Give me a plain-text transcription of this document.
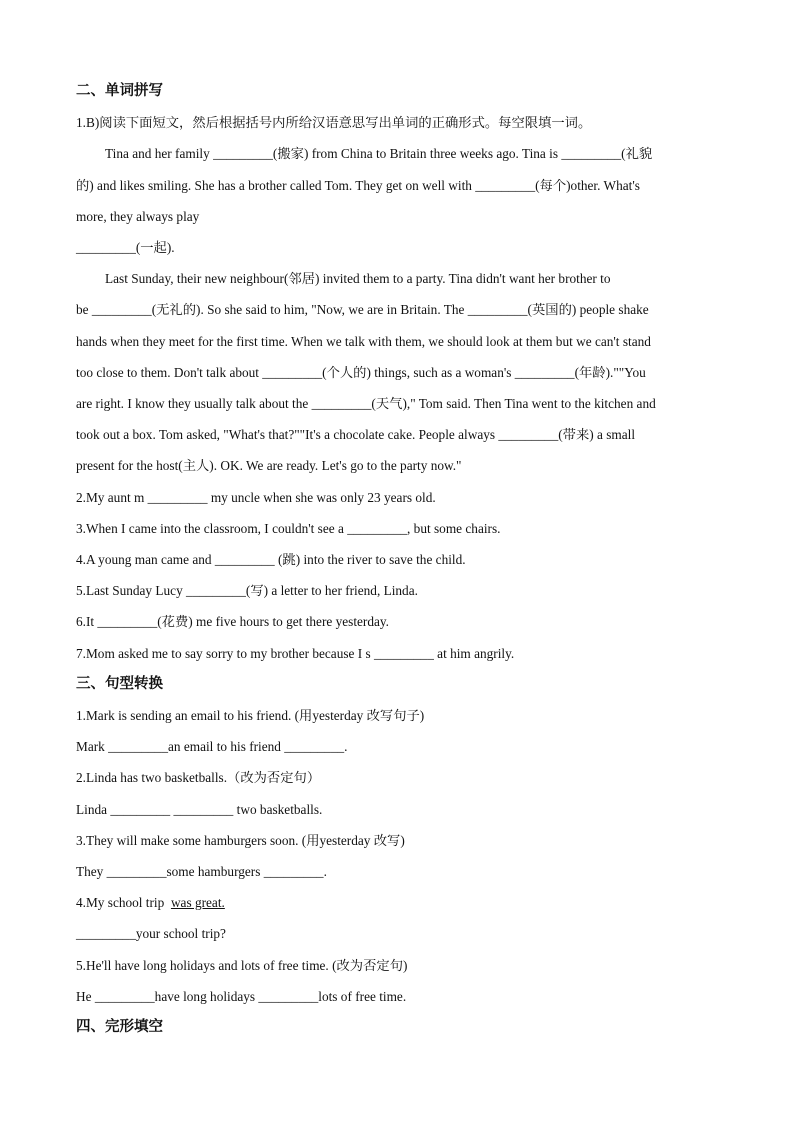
二、单词拼写
1.B)阅读下面短文，然后根据括号内所给汉语意思写出单词的正确形式。每空限填一词。
Tina and her family _________(搬家) from China to Britain three weeks ago. Tina is _________(礼貌
的) and likes smiling. She has a brother called Tom. They get on well with _________(每个)other. What's
more, they always play
_________(一起).
Last Sunday, their new neighbour(邻居) invited them to a party. Tina didn't want her brother to
be _________(无礼的). So she said to him, "Now, we are in Britain. The _________(英国的) people shake
hands when they meet for the first time. When we talk with them, we should look at them but we can't stand
too close to them. Don't talk about _________(个人的) things, such as a woman's _________(年龄).""You
are right. I know they usually talk about the _________(天气)," Tom said. Then Tina went to the kitchen and
took out a box. Tom asked, "What's that?""It's a chocolate cake. People always _________(带来) a small
present for the host(主人). OK. We are ready. Let's go to the party now."
2.My aunt m _________ my uncle when she was only 23 years old.
3.When I came into the classroom, I couldn't see a _________, but some chairs.
4.A young man came and _________ (跳) into the river to save the child.
5.Last Sunday Lucy _________(写) a letter to her friend, Linda.
6.It _________(花费) me five hours to get there yesterday.
7.Mom asked me to say sorry to my brother because I s _________ at him angrily.
三、句型转换
1.Mark is sending an email to his friend. (用yesterday 改写句子)
Mark _________an email to his friend _________.
2.Linda has two basketballs.（改为否定句）
Linda _________ _________ two basketballs.
3.They will make some hamburgers soon. (用yesterday 改写)
They _________some hamburgers _________.
4.My school trip  was great.
_________your school trip?
5.He'll have long holidays and lots of free time. (改为否定句)
He _________have long holidays _________lots of free time.
四、完形填空
